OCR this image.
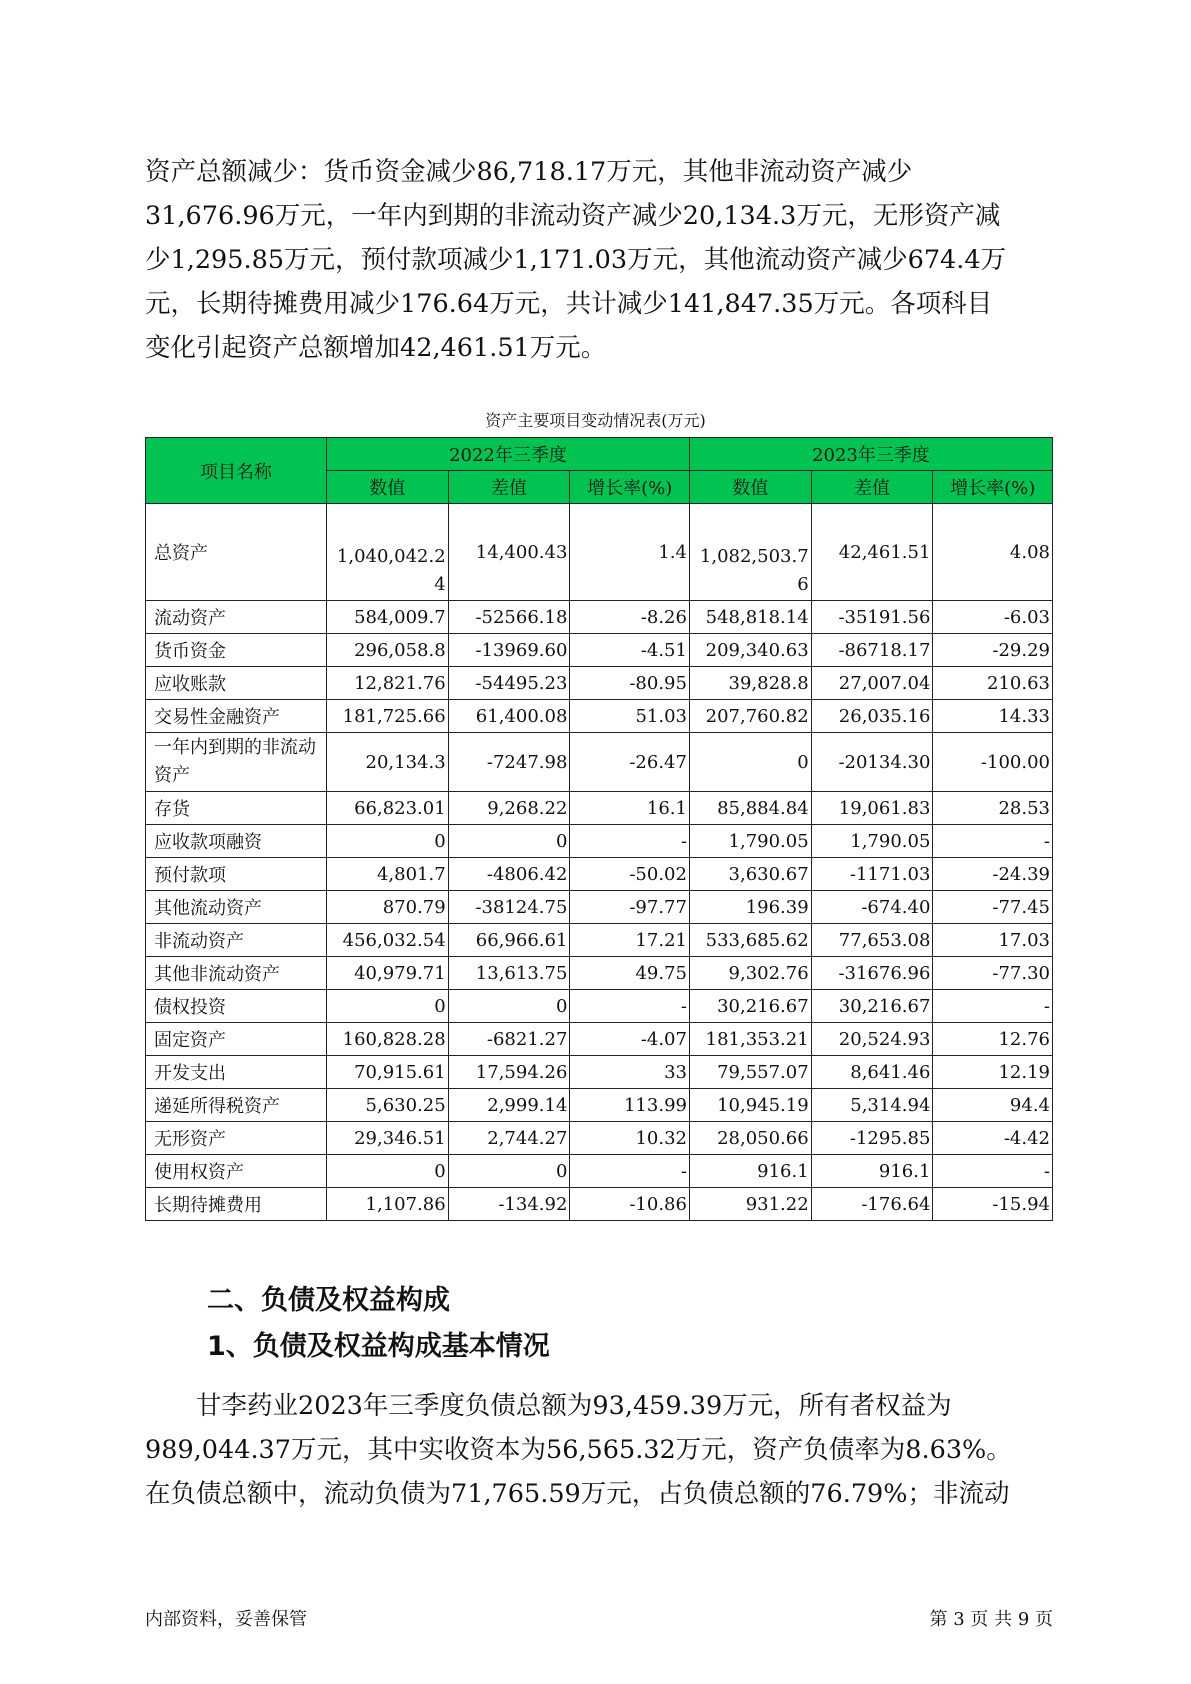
资产总额减少：货币资金减少86,718.17万元，其他非流动资产减少

31,676.96万元，一年内到期的非流动资产减少20,134.3万元，无形资产减

少1,295.85万元，预付款项减少1,171.03万元，其他流动资产减少674.4万

元，长期待摊费用减少176.64万元，共计减少141,847.35万元。各项科目

变化引起资产总额增加42,461.51万元。

资产主要项目变动情况表(万元)
项目名称	2022年三季度			2023年三季度		
	数值	差值	增长率(%)	数值	差值	增长率(%)
总资产	1,040,042.24	14,400.43	1.4	1,082,503.76	42,461.51	4.08
流动资产	584,009.7	-52566.18	-8.26	548,818.14	-35191.56	-6.03
货币资金	296,058.8	-13969.60	-4.51	209,340.63	-86718.17	-29.29
应收账款	12,821.76	-54495.23	-80.95	39,828.8	27,007.04	210.63
交易性金融资产	181,725.66	61,400.08	51.03	207,760.82	26,035.16	14.33
一年内到期的非流动资产	20,134.3	-7247.98	-26.47	0	-20134.30	-100.00
存货	66,823.01	9,268.22	16.1	85,884.84	19,061.83	28.53
应收款项融资	0	0	-	1,790.05	1,790.05	-
预付款项	4,801.7	-4806.42	-50.02	3,630.67	-1171.03	-24.39
其他流动资产	870.79	-38124.75	-97.77	196.39	-674.40	-77.45
非流动资产	456,032.54	66,966.61	17.21	533,685.62	77,653.08	17.03
其他非流动资产	40,979.71	13,613.75	49.75	9,302.76	-31676.96	-77.30
债权投资	0	0	-	30,216.67	30,216.67	-
固定资产	160,828.28	-6821.27	-4.07	181,353.21	20,524.93	12.76
开发支出	70,915.61	17,594.26	33	79,557.07	8,641.46	12.19
递延所得税资产	5,630.25	2,999.14	113.99	10,945.19	5,314.94	94.4
无形资产	29,346.51	2,744.27	10.32	28,050.66	-1295.85	-4.42
使用权资产	0	0	-	916.1	916.1	-
长期待摊费用	1,107.86	-134.92	-10.86	931.22	-176.64	-15.94
二、负债及权益构成
1、负债及权益构成基本情况

　　甘李药业2023年三季度负债总额为93,459.39万元，所有者权益为

989,044.37万元，其中实收资本为56,565.32万元，资产负债率为8.63%。

在负债总额中，流动负债为71,765.59万元，占负债总额的76.79%；非流动

内部资料，妥善保管	第 3 页 共 9 页
